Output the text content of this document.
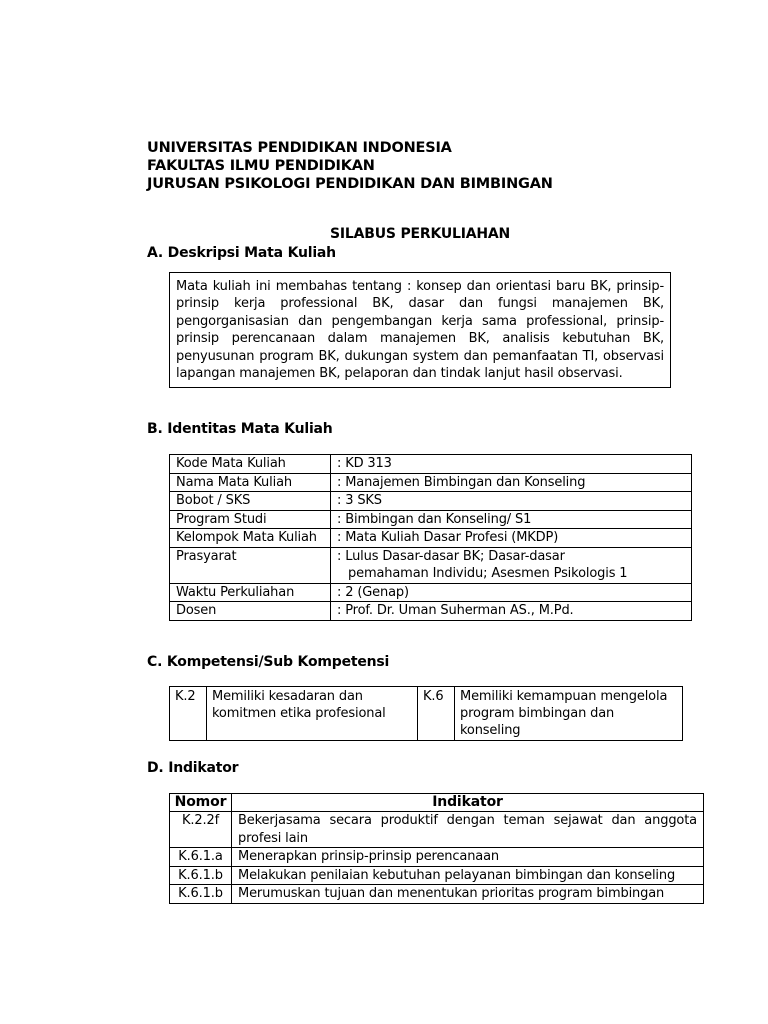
UNIVERSITAS PENDIDIKAN INDONESIA
FAKULTAS ILMU PENDIDIKAN
JURUSAN PSIKOLOGI PENDIDIKAN DAN BIMBINGAN
SILABUS PERKULIAHAN
A. Deskripsi Mata Kuliah
Mata kuliah ini membahas tentang : konsep dan orientasi baru BK, prinsip-prinsip kerja professional BK, dasar dan fungsi manajemen BK, pengorganisasian dan pengembangan kerja sama professional, prinsip-prinsip perencanaan dalam manajemen BK, analisis kebutuhan BK, penyusunan program BK, dukungan system dan pemanfaatan TI, observasi lapangan manajemen BK, pelaporan dan tindak lanjut hasil observasi.
B. Identitas Mata Kuliah
Kode Mata Kuliah	: KD 313
Nama Mata Kuliah	: Manajemen Bimbingan dan Konseling
Bobot / SKS	: 3 SKS
Program Studi	: Bimbingan dan Konseling/ S1
Kelompok Mata Kuliah	: Mata Kuliah Dasar Profesi (MKDP)
Prasyarat	: Lulus Dasar-dasar BK; Dasar-dasar
pemahaman Individu; Asesmen Psikologis 1

Waktu Perkuliahan	: 2 (Genap)
Dosen	: Prof. Dr. Uman Suherman AS., M.Pd.
C. Kompetensi/Sub Kompetensi
K.2	Memiliki kesadaran dan komitmen etika profesional	K.6	Memiliki kemampuan mengelola program bimbingan dan konseling
D. Indikator
Nomor	Indikator
K.2.2f	Bekerjasama secara produktif dengan teman sejawat dan anggota profesi lain
K.6.1.a	Menerapkan prinsip-prinsip perencanaan
K.6.1.b	Melakukan penilaian kebutuhan pelayanan bimbingan dan konseling
K.6.1.b	Merumuskan tujuan dan menentukan prioritas program bimbingan
